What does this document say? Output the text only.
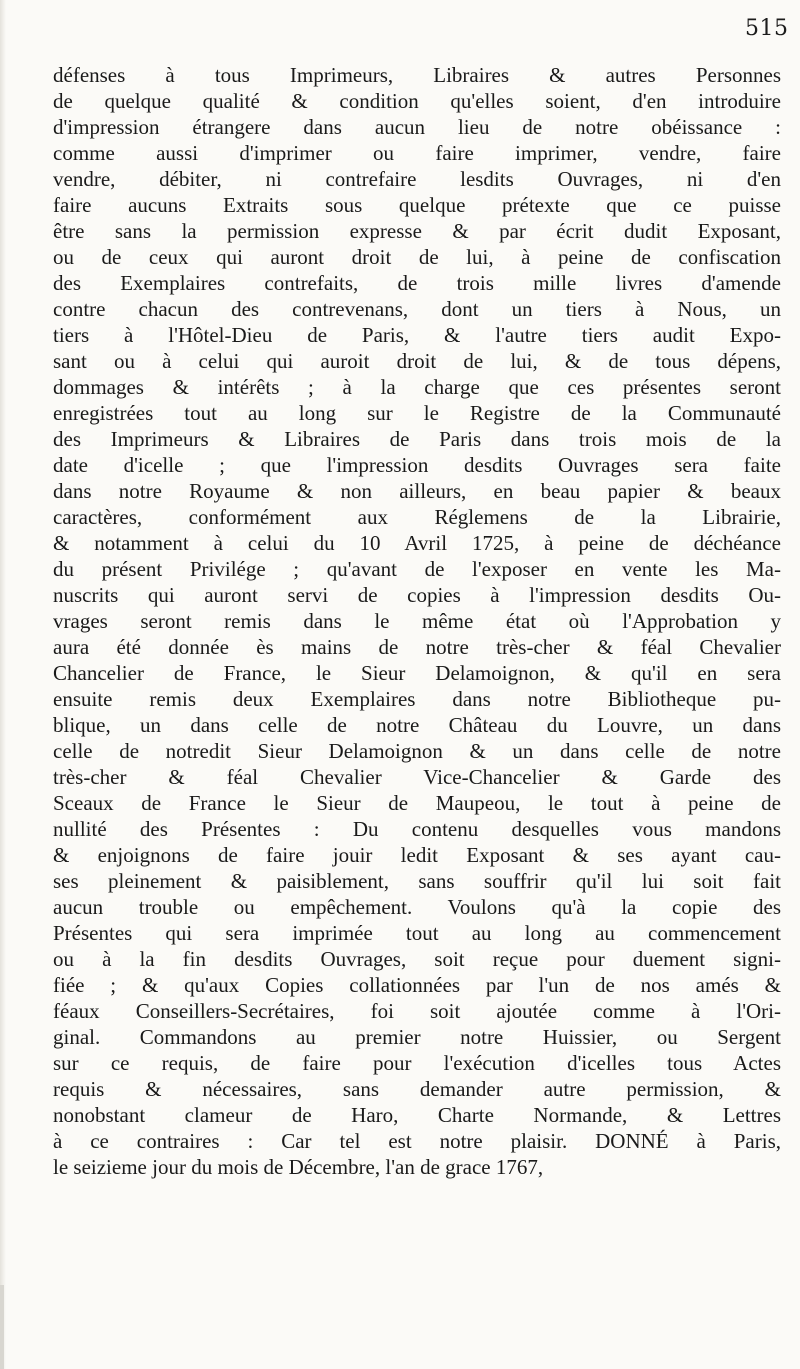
515
défenses à tous Imprimeurs, Libraires & autres Personnes
de quelque qualité & condition qu'elles soient, d'en introduire
d'impression étrangere dans aucun lieu de notre obéissance :
comme aussi d'imprimer ou faire imprimer, vendre, faire
vendre, débiter, ni contrefaire lesdits Ouvrages, ni d'en
faire aucuns Extraits sous quelque prétexte que ce puisse
être sans la permission expresse & par écrit dudit Exposant,
ou de ceux qui auront droit de lui, à peine de confiscation
des Exemplaires contrefaits, de trois mille livres d'amende
contre chacun des contrevenans, dont un tiers à Nous, un
tiers à l'Hôtel-Dieu de Paris, & l'autre tiers audit Expo-
sant ou à celui qui auroit droit de lui, & de tous dépens,
dommages & intérêts ; à la charge que ces présentes seront
enregistrées tout au long sur le Registre de la Communauté
des Imprimeurs & Libraires de Paris dans trois mois de la
date d'icelle ; que l'impression desdits Ouvrages sera faite
dans notre Royaume & non ailleurs, en beau papier & beaux
caractères, conformément aux Réglemens de la Librairie,
& notamment à celui du 10 Avril 1725, à peine de déchéance
du présent Privilége ; qu'avant de l'exposer en vente les Ma-
nuscrits qui auront servi de copies à l'impression desdits Ou-
vrages seront remis dans le même état où l'Approbation y
aura été donnée ès mains de notre très-cher & féal Chevalier
Chancelier de France, le Sieur Delamoignon, & qu'il en sera
ensuite remis deux Exemplaires dans notre Bibliotheque pu-
blique, un dans celle de notre Château du Louvre, un dans
celle de notredit Sieur Delamoignon & un dans celle de notre
très-cher & féal Chevalier Vice-Chancelier & Garde des
Sceaux de France le Sieur de Maupeou, le tout à peine de
nullité des Présentes : Du contenu desquelles vous mandons
& enjoignons de faire jouir ledit Exposant & ses ayant cau-
ses pleinement & paisiblement, sans souffrir qu'il lui soit fait
aucun trouble ou empêchement. Voulons qu'à la copie des
Présentes qui sera imprimée tout au long au commencement
ou à la fin desdits Ouvrages, soit reçue pour duement signi-
fiée ; & qu'aux Copies collationnées par l'un de nos amés &
féaux Conseillers-Secrétaires, foi soit ajoutée comme à l'Ori-
ginal. Commandons au premier notre Huissier, ou Sergent
sur ce requis, de faire pour l'exécution d'icelles tous Actes
requis & nécessaires, sans demander autre permission, &
nonobstant clameur de Haro, Charte Normande, & Lettres
à ce contraires : Car tel est notre plaisir. DONNÉ à Paris,
le seizieme jour du mois de Décembre, l'an de grace 1767,
